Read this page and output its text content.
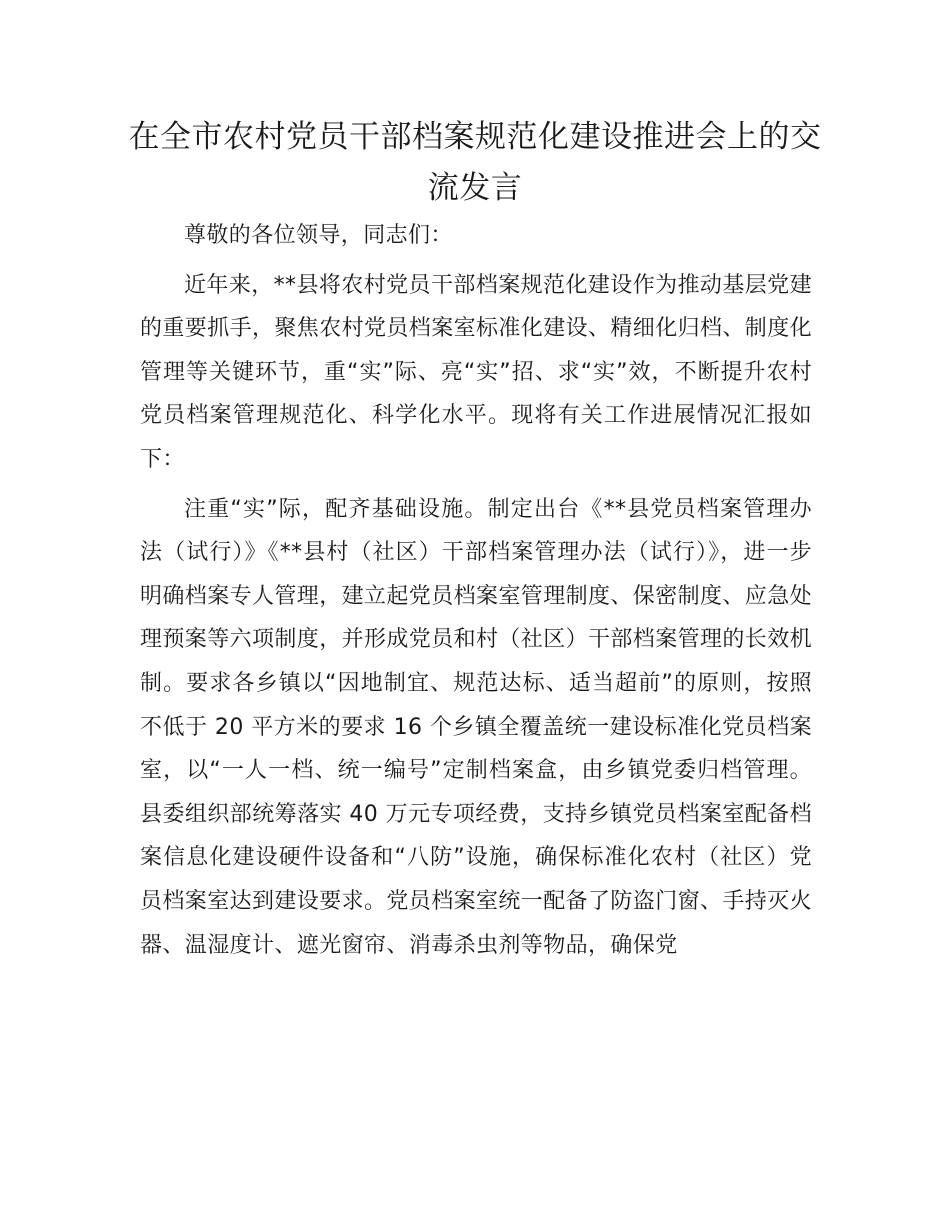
在全市农村党员干部档案规范化建设推进会上的交流发言

尊敬的各位领导，同志们：

近年来，**县将农村党员干部档案规范化建设作为推动基层党建的重要抓手，聚焦农村党员档案室标准化建设、精细化归档、制度化管理等关键环节，重“实”际、亮“实”招、求“实”效，不断提升农村党员档案管理规范化、科学化水平。现将有关工作进展情况汇报如下：

注重“实”际，配齐基础设施。制定出台《**县党员档案管理办法（试行）》《**县村（社区）干部档案管理办法（试行）》，进一步明确档案专人管理，建立起党员档案室管理制度、保密制度、应急处理预案等六项制度，并形成党员和村（社区）干部档案管理的长效机制。要求各乡镇以“因地制宜、规范达标、适当超前”的原则，按照不低于 20 平方米的要求 16 个乡镇全覆盖统一建设标准化党员档案室，以“一人一档、统一编号”定制档案盒，由乡镇党委归档管理。县委组织部统筹落实 40 万元专项经费，支持乡镇党员档案室配备档案信息化建设硬件设备和“八防”设施，确保标准化农村（社区）党员档案室达到建设要求。党员档案室统一配备了防盗门窗、手持灭火器、温湿度计、遮光窗帘、消毒杀虫剂等物品，确保党
